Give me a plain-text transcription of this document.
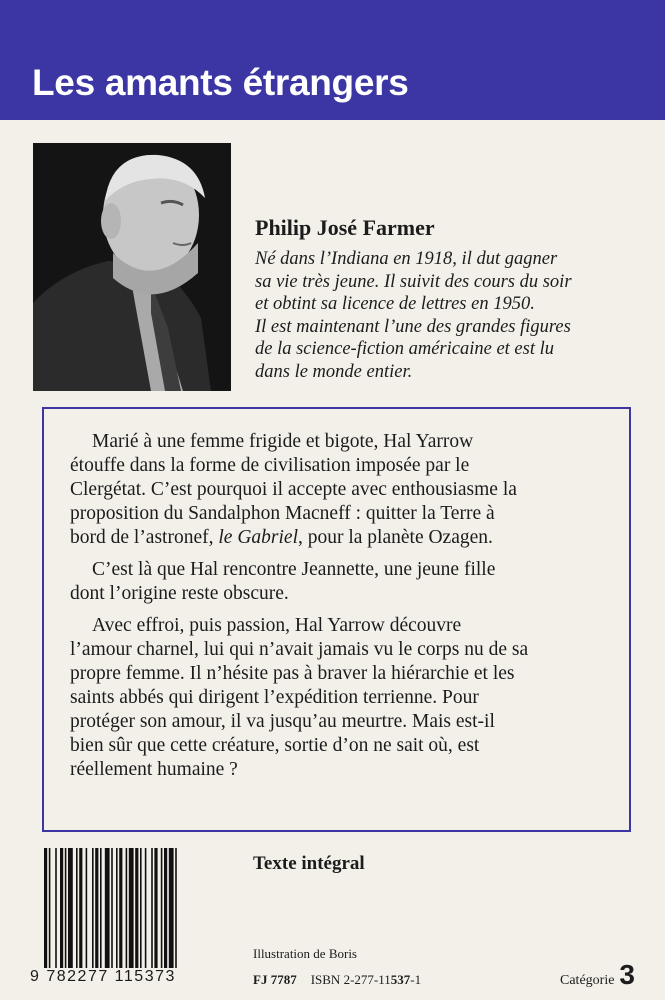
Les amants étrangers

Philip José Farmer

Né dans l’Indiana en 1918, il dut gagner
sa vie très jeune. Il suivit des cours du soir
et obtint sa licence de lettres en 1950.
Il est maintenant l’une des grandes figures
de la science-fiction américaine et est lu
dans le monde entier.

Marié à une femme frigide et bigote, Hal Yarrow
étouffe dans la forme de civilisation imposée par le
Clergétat. C’est pourquoi il accepte avec enthousiasme la
proposition du Sandalphon Macneff : quitter la Terre à
bord de l’astronef, le Gabriel, pour la planète Ozagen.
C’est là que Hal rencontre Jeannette, une jeune fille
dont l’origine reste obscure.
Avec effroi, puis passion, Hal Yarrow découvre
l’amour charnel, lui qui n’avait jamais vu le corps nu de sa
propre femme. Il n’hésite pas à braver la hiérarchie et les
saints abbés qui dirigent l’expédition terrienne. Pour
protéger son amour, il va jusqu’au meurtre. Mais est-il
bien sûr que cette créature, sortie d’on ne sait où, est
réellement humaine ?
9 782277 115373
Texte intégral
Illustration de Boris
FJ 7787 ISBN 2-277-11537-1	Catégorie 3
